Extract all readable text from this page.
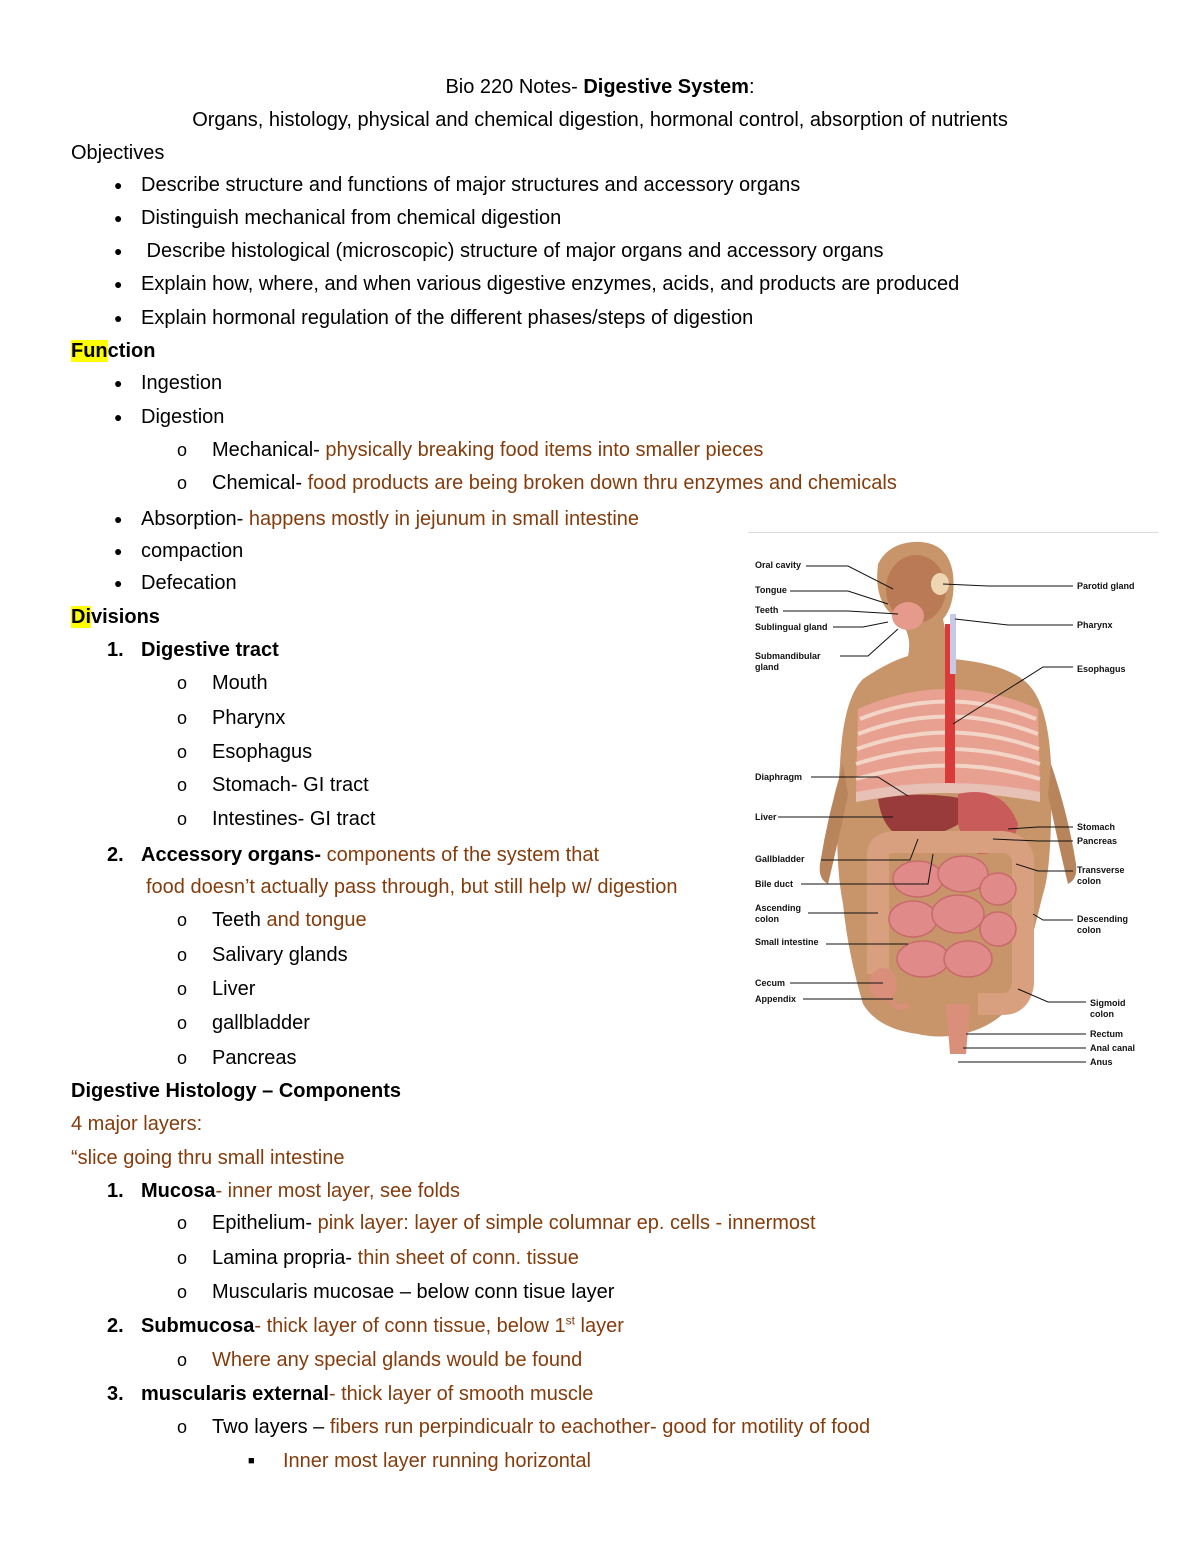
Bio 220 Notes- Digestive System:
Organs, histology, physical and chemical digestion, hormonal control, absorption of nutrients
Objectives
● Describe structure and functions of major structures and accessory organs
● Distinguish mechanical from chemical digestion
● Describe histological (microscopic) structure of major organs and accessory organs
● Explain how, where, and when various digestive enzymes, acids, and products are produced
● Explain hormonal regulation of the different phases/steps of digestion
Function
● Ingestion
● Digestion
o Mechanical- physically breaking food items into smaller pieces
o Chemical- food products are being broken down thru enzymes and chemicals
● Absorption- happens mostly in jejunum in small intestine
● compaction
● Defecation
Divisions
1. Digestive tract
o Mouth
o Pharynx
o Esophagus
o Stomach- GI tract
o Intestines- GI tract
2. Accessory organs- components of the system that
food doesn’t actually pass through, but still help w/ digestion
o Teeth and tongue
o Salivary glands
o Liver
o gallbladder
o Pancreas
Digestive Histology – Components
4 major layers:
“slice going thru small intestine
1. Mucosa- inner most layer, see folds
o Epithelium- pink layer: layer of simple columnar ep. cells - innermost
o Lamina propria- thin sheet of conn. tissue
o Muscularis mucosae – below conn tisue layer
2. Submucosa- thick layer of conn tissue, below 1st layer
o Where any special glands would be found
3. muscularis external- thick layer of smooth muscle
o Two layers – fibers run perpindicualr to eachother- good for motility of food
■ Inner most layer running horizontal
Oral cavity
Tongue
Teeth
Sublingual gland
Submandibular gland
Diaphragm
Liver
Gallbladder
Bile duct
Ascending colon
Small intestine
Cecum
Appendix
Parotid gland
Pharynx
Esophagus
Stomach
Pancreas
Transverse colon
Descending colon
Sigmoid colon
Rectum
Anal canal
Anus
